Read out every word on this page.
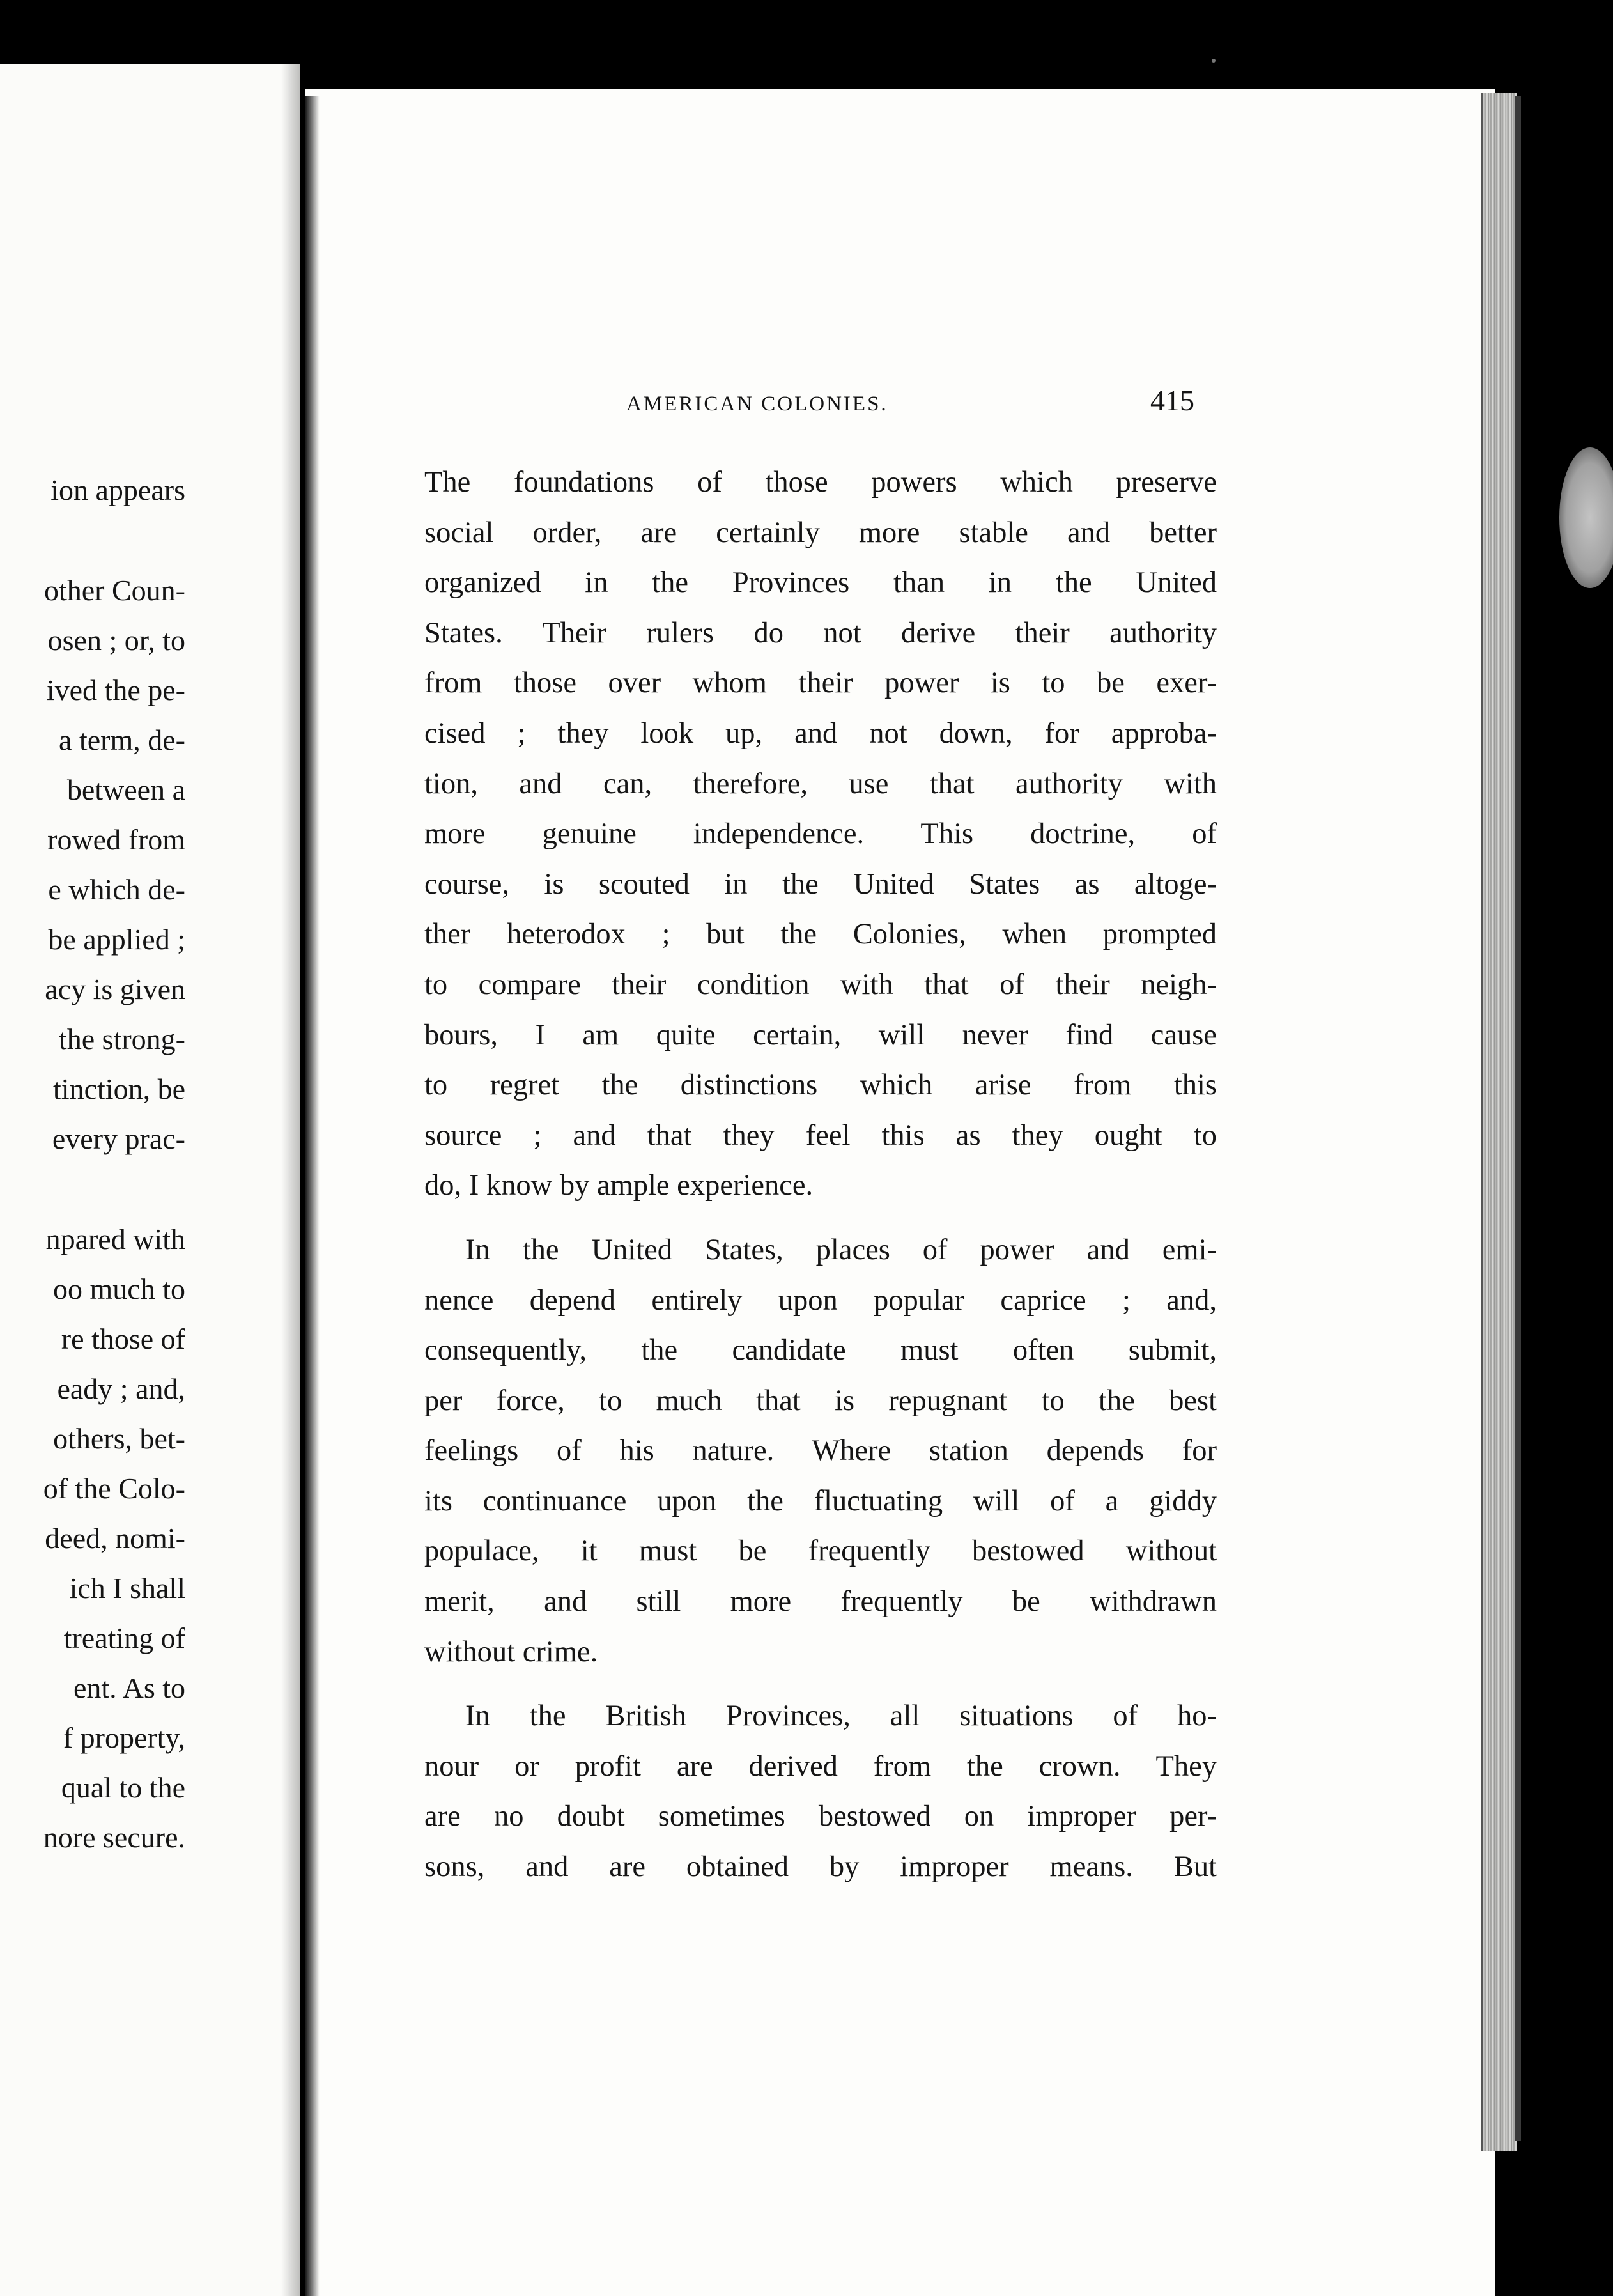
ion appears
other Coun-
osen ; or, to
ived the pe-
a term, de-
between a
rowed from
e which de-
be applied ;
acy is given
the strong-
tinction, be
every prac-
npared with
oo much to
re those of
eady ; and,
others, bet-
of the Colo-
deed, nomi-
ich I shall
treating of
ent. As to
f property,
qual to the
nore secure.
AMERICAN COLONIES.	415
The foundations of those powers which preserve
social order, are certainly more stable and better
organized in the Provinces than in the United
States. Their rulers do not derive their authority
from those over whom their power is to be exer-
cised ; they look up, and not down, for approba-
tion, and can, therefore, use that authority with
more genuine independence. This doctrine, of
course, is scouted in the United States as altoge-
ther heterodox ; but the Colonies, when prompted
to compare their condition with that of their neigh-
bours, I am quite certain, will never find cause
to regret the distinctions which arise from this
source ; and that they feel this as they ought to
do, I know by ample experience.
In the United States, places of power and emi-
nence depend entirely upon popular caprice ; and,
consequently, the candidate must often submit,
per force, to much that is repugnant to the best
feelings of his nature. Where station depends for
its continuance upon the fluctuating will of a giddy
populace, it must be frequently bestowed without
merit, and still more frequently be withdrawn
without crime.
In the British Provinces, all situations of ho-
nour or profit are derived from the crown. They
are no doubt sometimes bestowed on improper per-
sons, and are obtained by improper means. But
